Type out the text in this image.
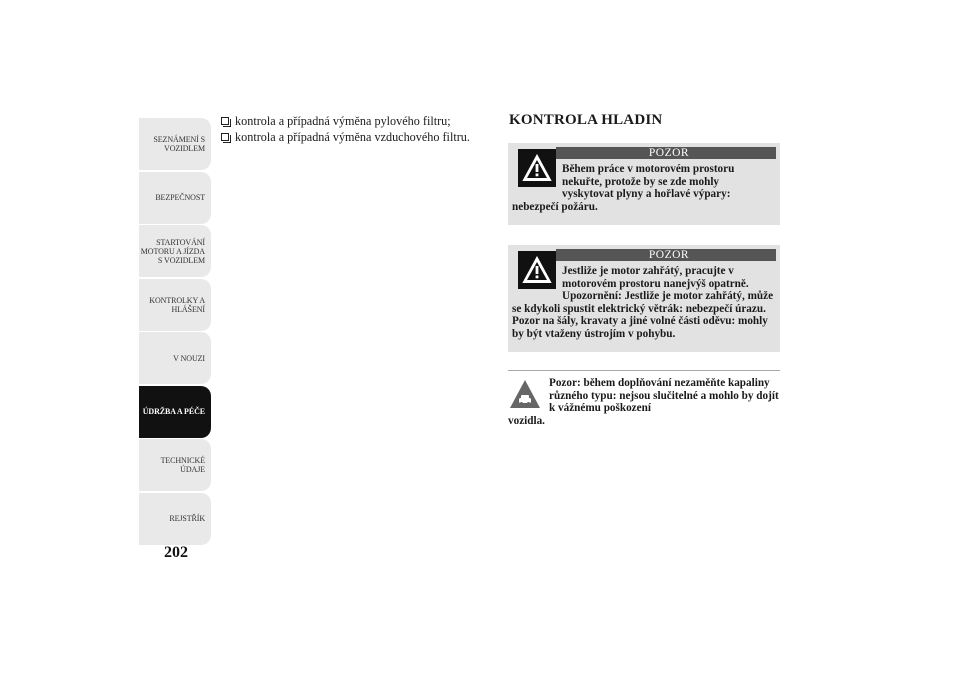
SEZNÁMENÍ S
VOZIDLEM
BEZPEČNOST
STARTOVÁNÍ
MOTORU A JÍZDA
S VOZIDLEM
KONTROLKY A
HLÁŠENÍ
V NOUZI
ÚDRŽBA A PÉČE
TECHNICKÉ
ÚDAJE
REJSTŘÍK
202
kontrola a případná výměna pylového filtru;
kontrola a případná výměna vzduchového filtru.
KONTROLA HLADIN
POZOR
Během práce v motorovém prostoru nekuřte, protože by se zde mohly
vyskytovat plyny a hořlavé výpary: nebezpečí požáru.
POZOR
Jestliže je motor zahřátý, pracujte v motorovém prostoru nanejvýš opatrně.
Upozornění: Jestliže je motor zahřátý, může se kdykoli spustit elektrický větrák: nebezpečí úrazu. Pozor na šály, kravaty a jiné volné části oděvu: mohly by být vtaženy ústrojím v pohybu.
Pozor: během doplňování nezaměňte kapaliny různého typu: nejsou slučitelné a mohlo by dojít k vážnému poškození
vozidla.
